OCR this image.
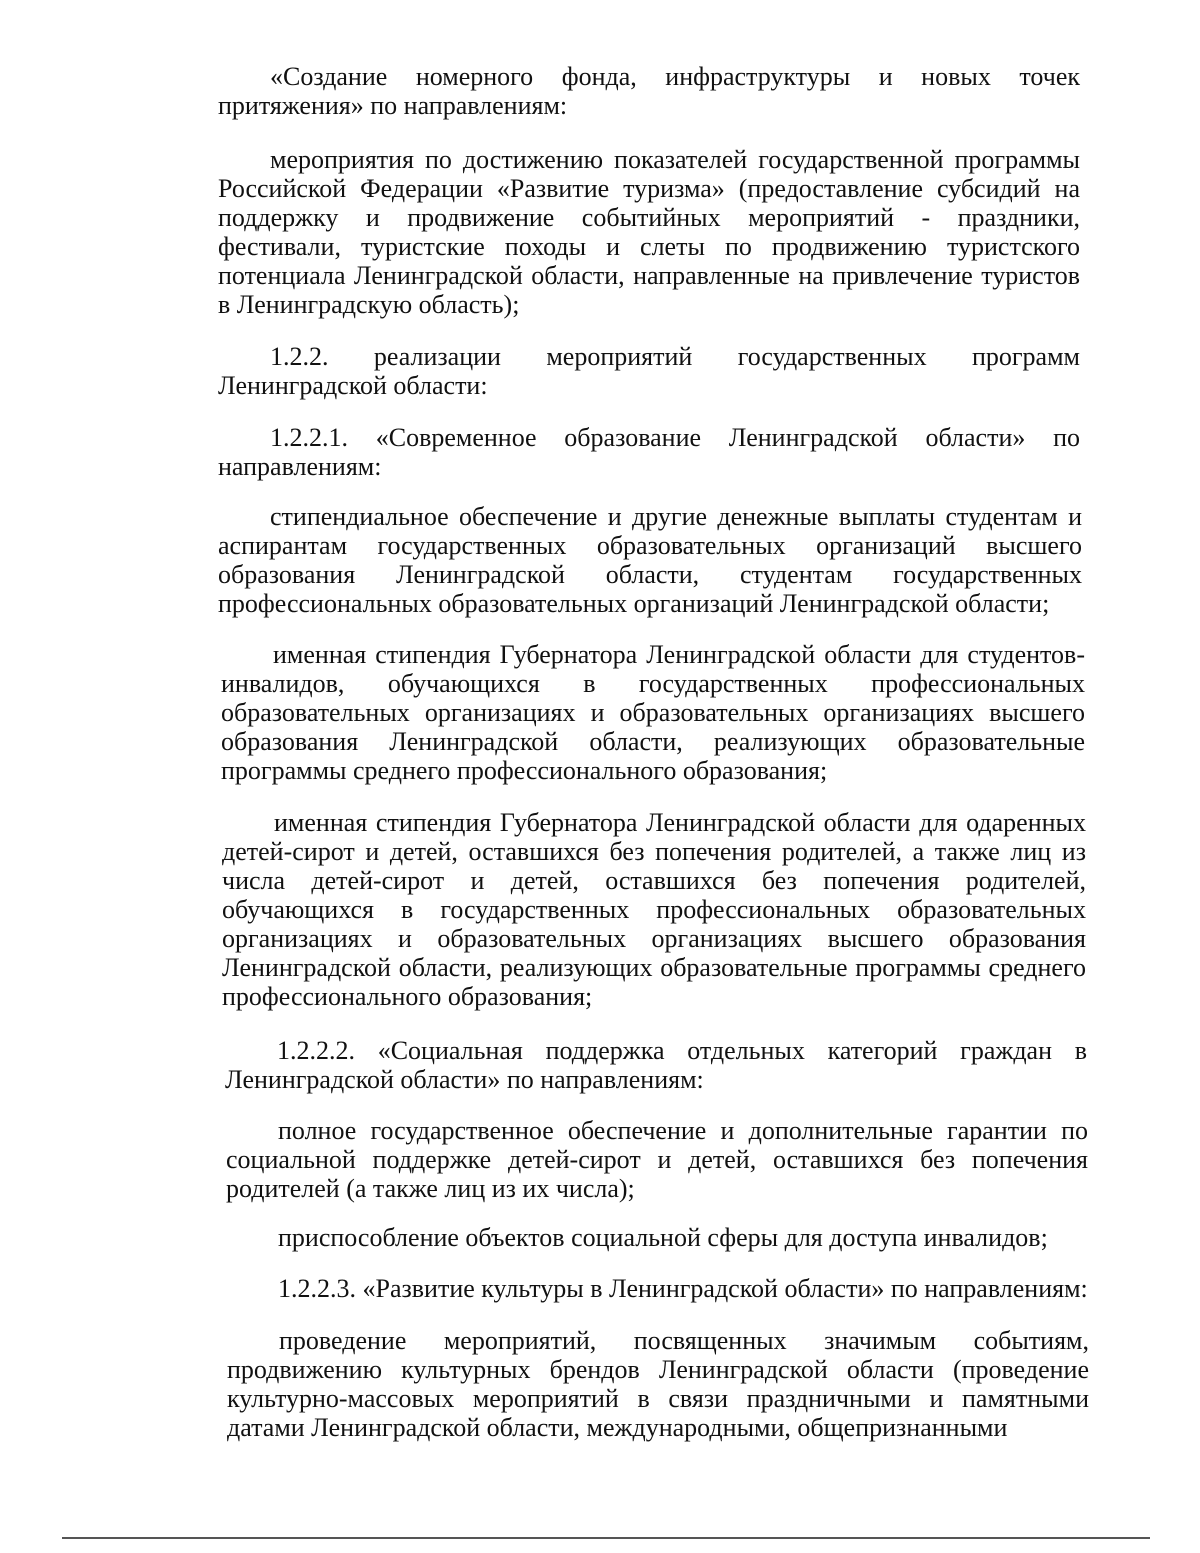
«Создание номерного фонда, инфраструктуры и новых точек притяжения» по направлениям:

мероприятия по достижению показателей государственной программы Российской Федерации «Развитие туризма» (предоставление субсидий на поддержку и продвижение событийных мероприятий - праздники, фестивали, туристские походы и слеты по продвижению туристского потенциала Ленинградской области, направленные на привлечение туристов в Ленинградскую область);

1.2.2. реализации мероприятий государственных программ Ленинградской области:

1.2.2.1. «Современное образование Ленинградской области» по направлениям:

стипендиальное обеспечение и другие денежные выплаты студентам и аспирантам государственных образовательных организаций высшего образования Ленинградской области, студентам государственных профессиональных образовательных организаций Ленинградской области;

именная стипендия Губернатора Ленинградской области для студентов-инвалидов, обучающихся в государственных профессиональных образовательных организациях и образовательных организациях высшего образования Ленинградской области, реализующих образовательные программы среднего профессионального образования;

именная стипендия Губернатора Ленинградской области для одаренных детей-сирот и детей, оставшихся без попечения родителей, а также лиц из числа детей-сирот и детей, оставшихся без попечения родителей, обучающихся в государственных профессиональных образовательных организациях и образовательных организациях высшего образования Ленинградской области, реализующих образовательные программы среднего профессионального образования;

1.2.2.2. «Социальная поддержка отдельных категорий граждан в Ленинградской области» по направлениям:

полное государственное обеспечение и дополнительные гарантии по социальной поддержке детей-сирот и детей, оставшихся без попечения родителей (а также лиц из их числа);

приспособление объектов социальной сферы для доступа инвалидов;

1.2.2.3. «Развитие культуры в Ленинградской области» по направлениям:

проведение мероприятий, посвященных значимым событиям, продвижению культурных брендов Ленинградской области (проведение культурно-массовых мероприятий в связи праздничными и памятными датами Ленинградской области, международными, общепризнанными
